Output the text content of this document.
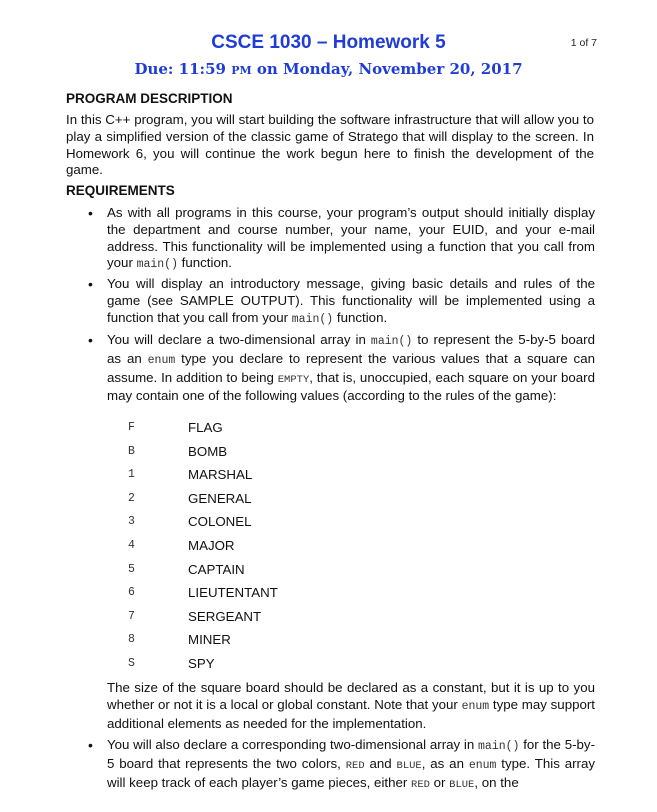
CSCE 1030 – Homework 5	1 of 7
Due: 11:59 PM on Monday, November 20, 2017
PROGRAM DESCRIPTION
In this C++ program, you will start building the software infrastructure that will allow you to play a simplified version of the classic game of Stratego that will display to the screen. In Homework 6, you will continue the work begun here to finish the development of the game.
REQUIREMENTS
• As with all programs in this course, your program’s output should initially display the department and course number, your name, your EUID, and your e-mail address. This functionality will be implemented using a function that you call from your main() function.
• You will display an introductory message, giving basic details and rules of the game (see SAMPLE OUTPUT). This functionality will be implemented using a function that you call from your main() function.
• You will declare a two-dimensional array in main() to represent the 5-by-5 board as an enum type you declare to represent the various values that a square can assume. In addition to being EMPTY, that is, unoccupied, each square on your board may contain one of the following values (according to the rules of the game):
F	FLAG
B	BOMB
1	MARSHAL
2	GENERAL
3	COLONEL
4	MAJOR
5	CAPTAIN
6	LIEUTENTANT
7	SERGEANT
8	MINER
S	SPY
The size of the square board should be declared as a constant, but it is up to you whether or not it is a local or global constant. Note that your enum type may support additional elements as needed for the implementation.
• You will also declare a corresponding two-dimensional array in main() for the 5-by-5 board that represents the two colors, RED and BLUE, as an enum type. This array will keep track of each player’s game pieces, either RED or BLUE, on the
